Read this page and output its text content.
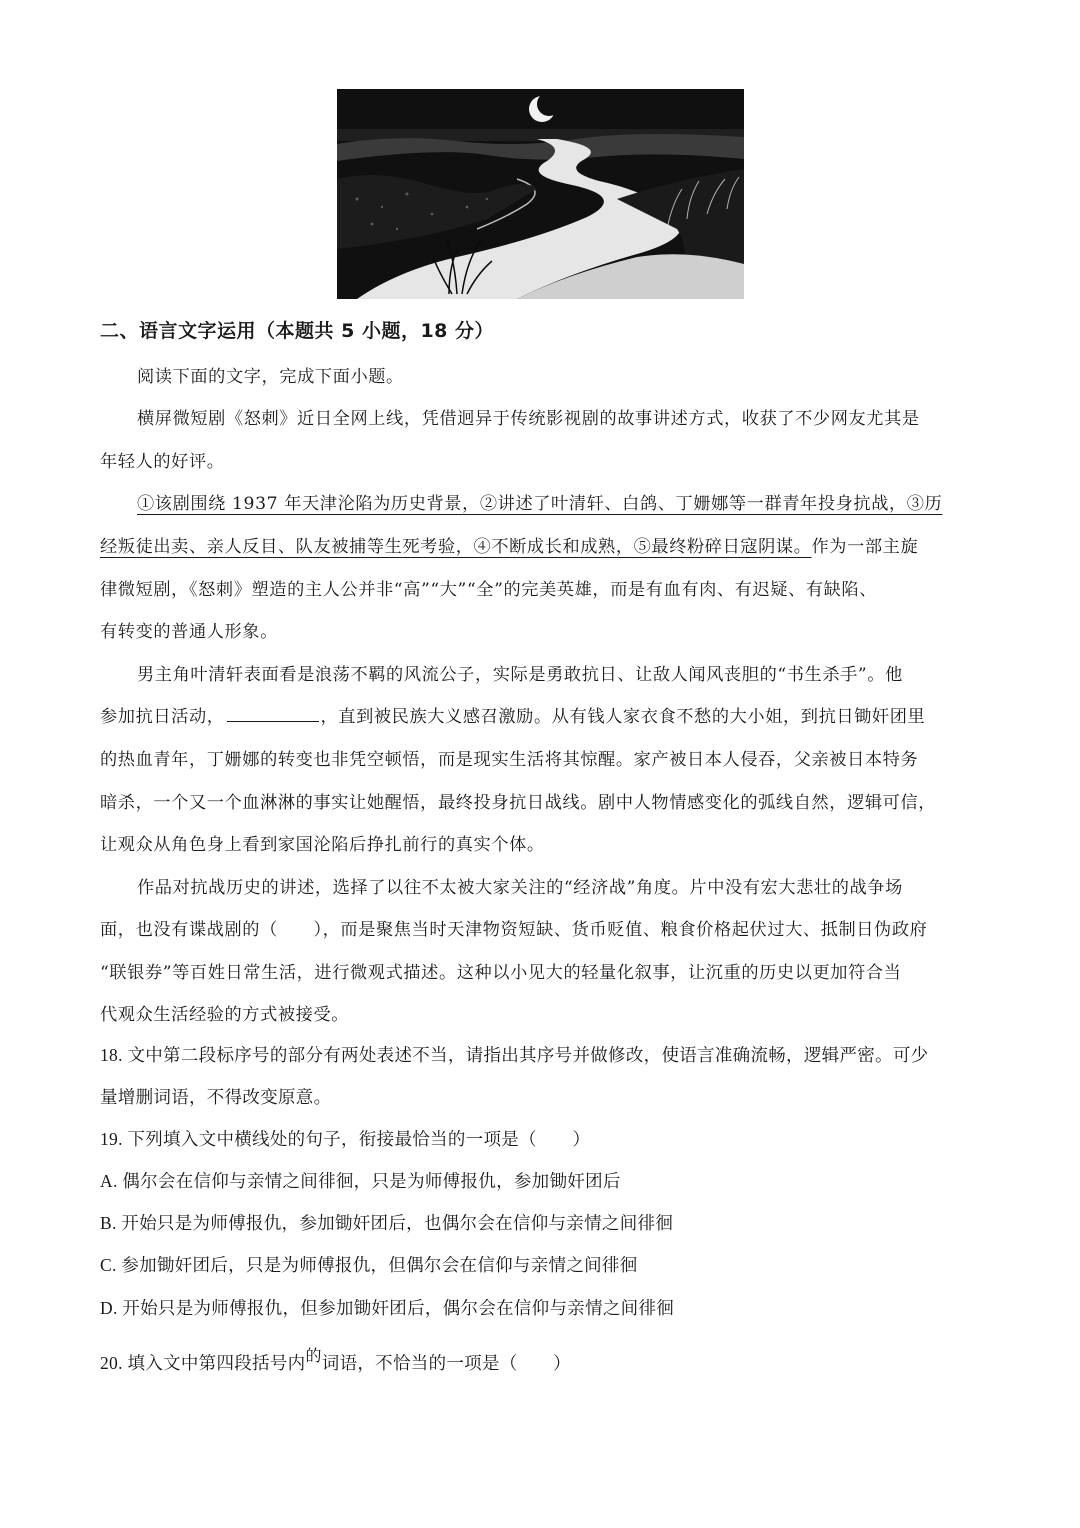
二、语言文字运用（本题共 5 小题，18 分）
阅读下面的文字，完成下面小题。
横屏微短剧《怒刺》近日全网上线，凭借迥异于传统影视剧的故事讲述方式，收获了不少网友尤其是
年轻人的好评。
①该剧围绕 1937 年天津沦陷为历史背景，②讲述了叶清轩、白鸽、丁姗娜等一群青年投身抗战，③历
经叛徒出卖、亲人反目、队友被捕等生死考验，④不断成长和成熟，⑤最终粉碎日寇阴谋。作为一部主旋
律微短剧，《怒刺》塑造的主人公并非“高”“大”“全”的完美英雄，而是有血有肉、有迟疑、有缺陷、
有转变的普通人形象。
男主角叶清轩表面看是浪荡不羁的风流公子，实际是勇敢抗日、让敌人闻风丧胆的“书生杀手”。他
参加抗日活动，	，直到被民族大义感召激励。从有钱人家衣食不愁的大小姐，到抗日锄奸团里
的热血青年，丁姗娜的转变也非凭空顿悟，而是现实生活将其惊醒。家产被日本人侵吞，父亲被日本特务
暗杀，一个又一个血淋淋的事实让她醒悟，最终投身抗日战线。剧中人物情感变化的弧线自然，逻辑可信，
让观众从角色身上看到家国沦陷后挣扎前行的真实个体。
作品对抗战历史的讲述，选择了以往不太被大家关注的“经济战”角度。片中没有宏大悲壮的战争场
面，也没有谍战剧的（　　），而是聚焦当时天津物资短缺、货币贬值、粮食价格起伏过大、抵制日伪政府
“联银券”等百姓日常生活，进行微观式描述。这种以小见大的轻量化叙事，让沉重的历史以更加符合当
代观众生活经验的方式被接受。
18. 文中第二段标序号的部分有两处表述不当，请指出其序号并做修改，使语言准确流畅，逻辑严密。可少
量增删词语，不得改变原意。
19. 下列填入文中横线处的句子，衔接最恰当的一项是（　　）
A. 偶尔会在信仰与亲情之间徘徊，只是为师傅报仇，参加锄奸团后
B. 开始只是为师傅报仇，参加锄奸团后，也偶尔会在信仰与亲情之间徘徊
C. 参加锄奸团后，只是为师傅报仇，但偶尔会在信仰与亲情之间徘徊
D. 开始只是为师傅报仇，但参加锄奸团后，偶尔会在信仰与亲情之间徘徊
20. 填入文中第四段括号内的词语，不恰当的一项是（　　）
